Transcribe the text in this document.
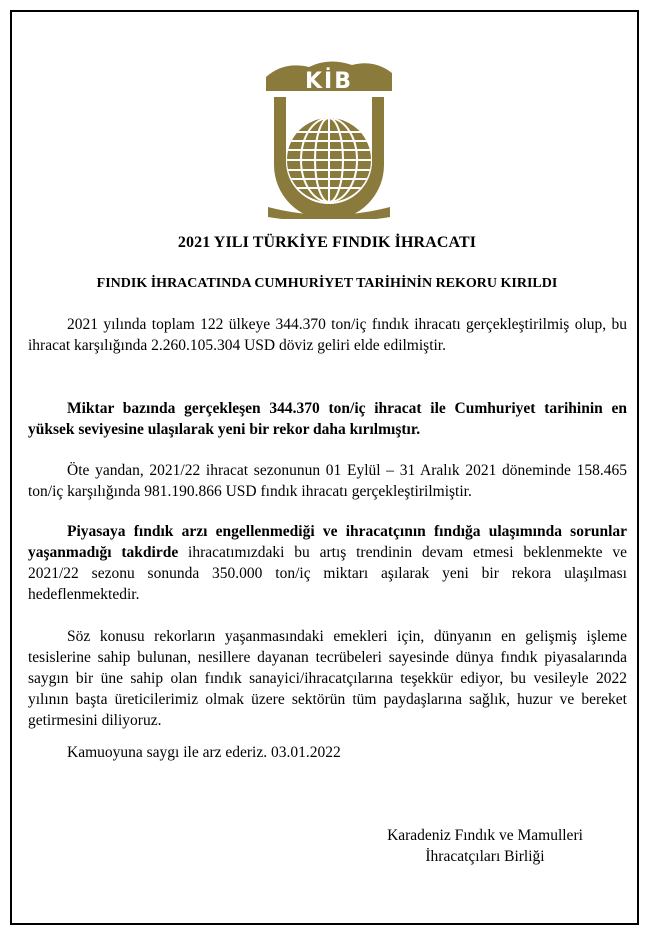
KİB
2021 YILI TÜRKİYE FINDIK İHRACATI
FINDIK İHRACATINDA CUMHURİYET TARİHİNİN REKORU KIRILDI

2021 yılında toplam 122 ülkeye 344.370 ton/iç fındık ihracatı gerçekleştirilmiş olup, bu ihracat karşılığında 2.260.105.304 USD döviz geliri elde edilmiştir.

Miktar bazında gerçekleşen 344.370 ton/iç ihracat ile Cumhuriyet tarihinin en yüksek seviyesine ulaşılarak yeni bir rekor daha kırılmıştır.

Öte yandan, 2021/22 ihracat sezonunun 01 Eylül – 31 Aralık 2021 döneminde 158.465 ton/iç karşılığında 981.190.866 USD fındık ihracatı gerçekleştirilmiştir.

Piyasaya fındık arzı engellenmediği ve ihracatçının fındığa ulaşımında sorunlar yaşanmadığı takdirde ihracatımızdaki bu artış trendinin devam etmesi beklenmekte ve 2021/22 sezonu sonunda 350.000 ton/iç miktarı aşılarak yeni bir rekora ulaşılması hedeflenmektedir.

Söz konusu rekorların yaşanmasındaki emekleri için, dünyanın en gelişmiş işleme tesislerine sahip bulunan, nesillere dayanan tecrübeleri sayesinde dünya fındık piyasalarında saygın bir üne sahip olan fındık sanayici/ihracatçılarına teşekkür ediyor, bu vesileyle 2022 yılının başta üreticilerimiz olmak üzere sektörün tüm paydaşlarına sağlık, huzur ve bereket getirmesini diliyoruz.

Kamuoyuna saygı ile arz ederiz. 03.01.2022

Karadeniz Fındık ve Mamulleri
İhracatçıları Birliği
